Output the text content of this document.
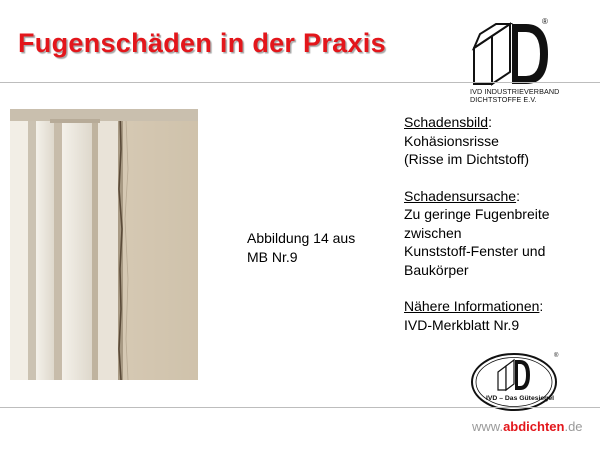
Fugenschäden in der Praxis
®
IVD INDUSTRIEVERBAND
DICHTSTOFFE E.V.
Abbildung 14 aus
MB Nr.9
Schadensbild:
Kohäsionsrisse
(Risse im Dichtstoff)
Schadensursache:
Zu geringe Fugenbreite
zwischen
Kunststoff-Fenster und
Baukörper
Nähere Informationen:
IVD-Merkblatt Nr.9
®
IVD – Das Gütesiegel
www.abdichten.de
